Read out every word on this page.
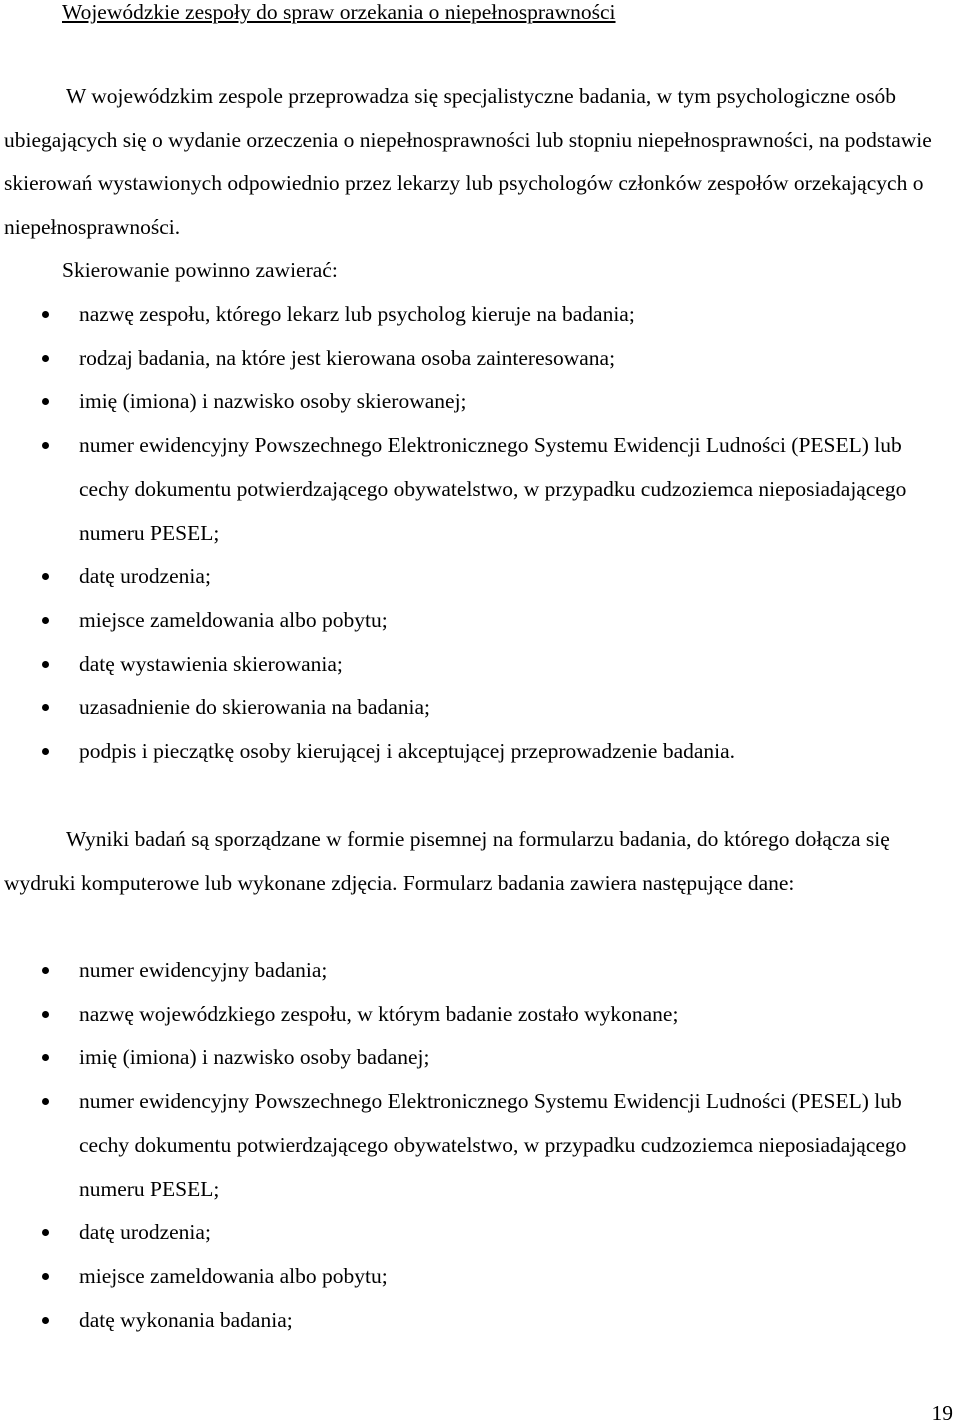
Wojewódzkie zespoły do spraw orzekania o niepełnosprawności

W wojewódzkim zespole przeprowadza się specjalistyczne badania, w tym psychologiczne osób ubiegających się o wydanie orzeczenia o niepełnosprawności lub stopniu niepełnosprawności, na podstawie skierowań wystawionych odpowiednio przez lekarzy lub psychologów członków zespołów orzekających o niepełnosprawności.

Skierowanie powinno zawierać:

nazwę zespołu, którego lekarz lub psycholog kieruje na badania;
rodzaj badania, na które jest kierowana osoba zainteresowana;
imię (imiona) i nazwisko osoby skierowanej;
numer ewidencyjny Powszechnego Elektronicznego Systemu Ewidencji Ludności (PESEL) lub cechy dokumentu potwierdzającego obywatelstwo, w przypadku cudzoziemca nieposiadającego numeru PESEL;
datę urodzenia;
miejsce zameldowania albo pobytu;
datę wystawienia skierowania;
uzasadnienie do skierowania na badania;
podpis i pieczątkę osoby kierującej i akceptującej przeprowadzenie badania.

Wyniki badań są sporządzane w formie pisemnej na formularzu badania, do którego dołącza się wydruki komputerowe lub wykonane zdjęcia. Formularz badania zawiera następujące dane:

numer ewidencyjny badania;
nazwę wojewódzkiego zespołu, w którym badanie zostało wykonane;
imię (imiona) i nazwisko osoby badanej;
numer ewidencyjny Powszechnego Elektronicznego Systemu Ewidencji Ludności (PESEL) lub cechy dokumentu potwierdzającego obywatelstwo, w przypadku cudzoziemca nieposiadającego numeru PESEL;
datę urodzenia;
miejsce zameldowania albo pobytu;
datę wykonania badania;
19
